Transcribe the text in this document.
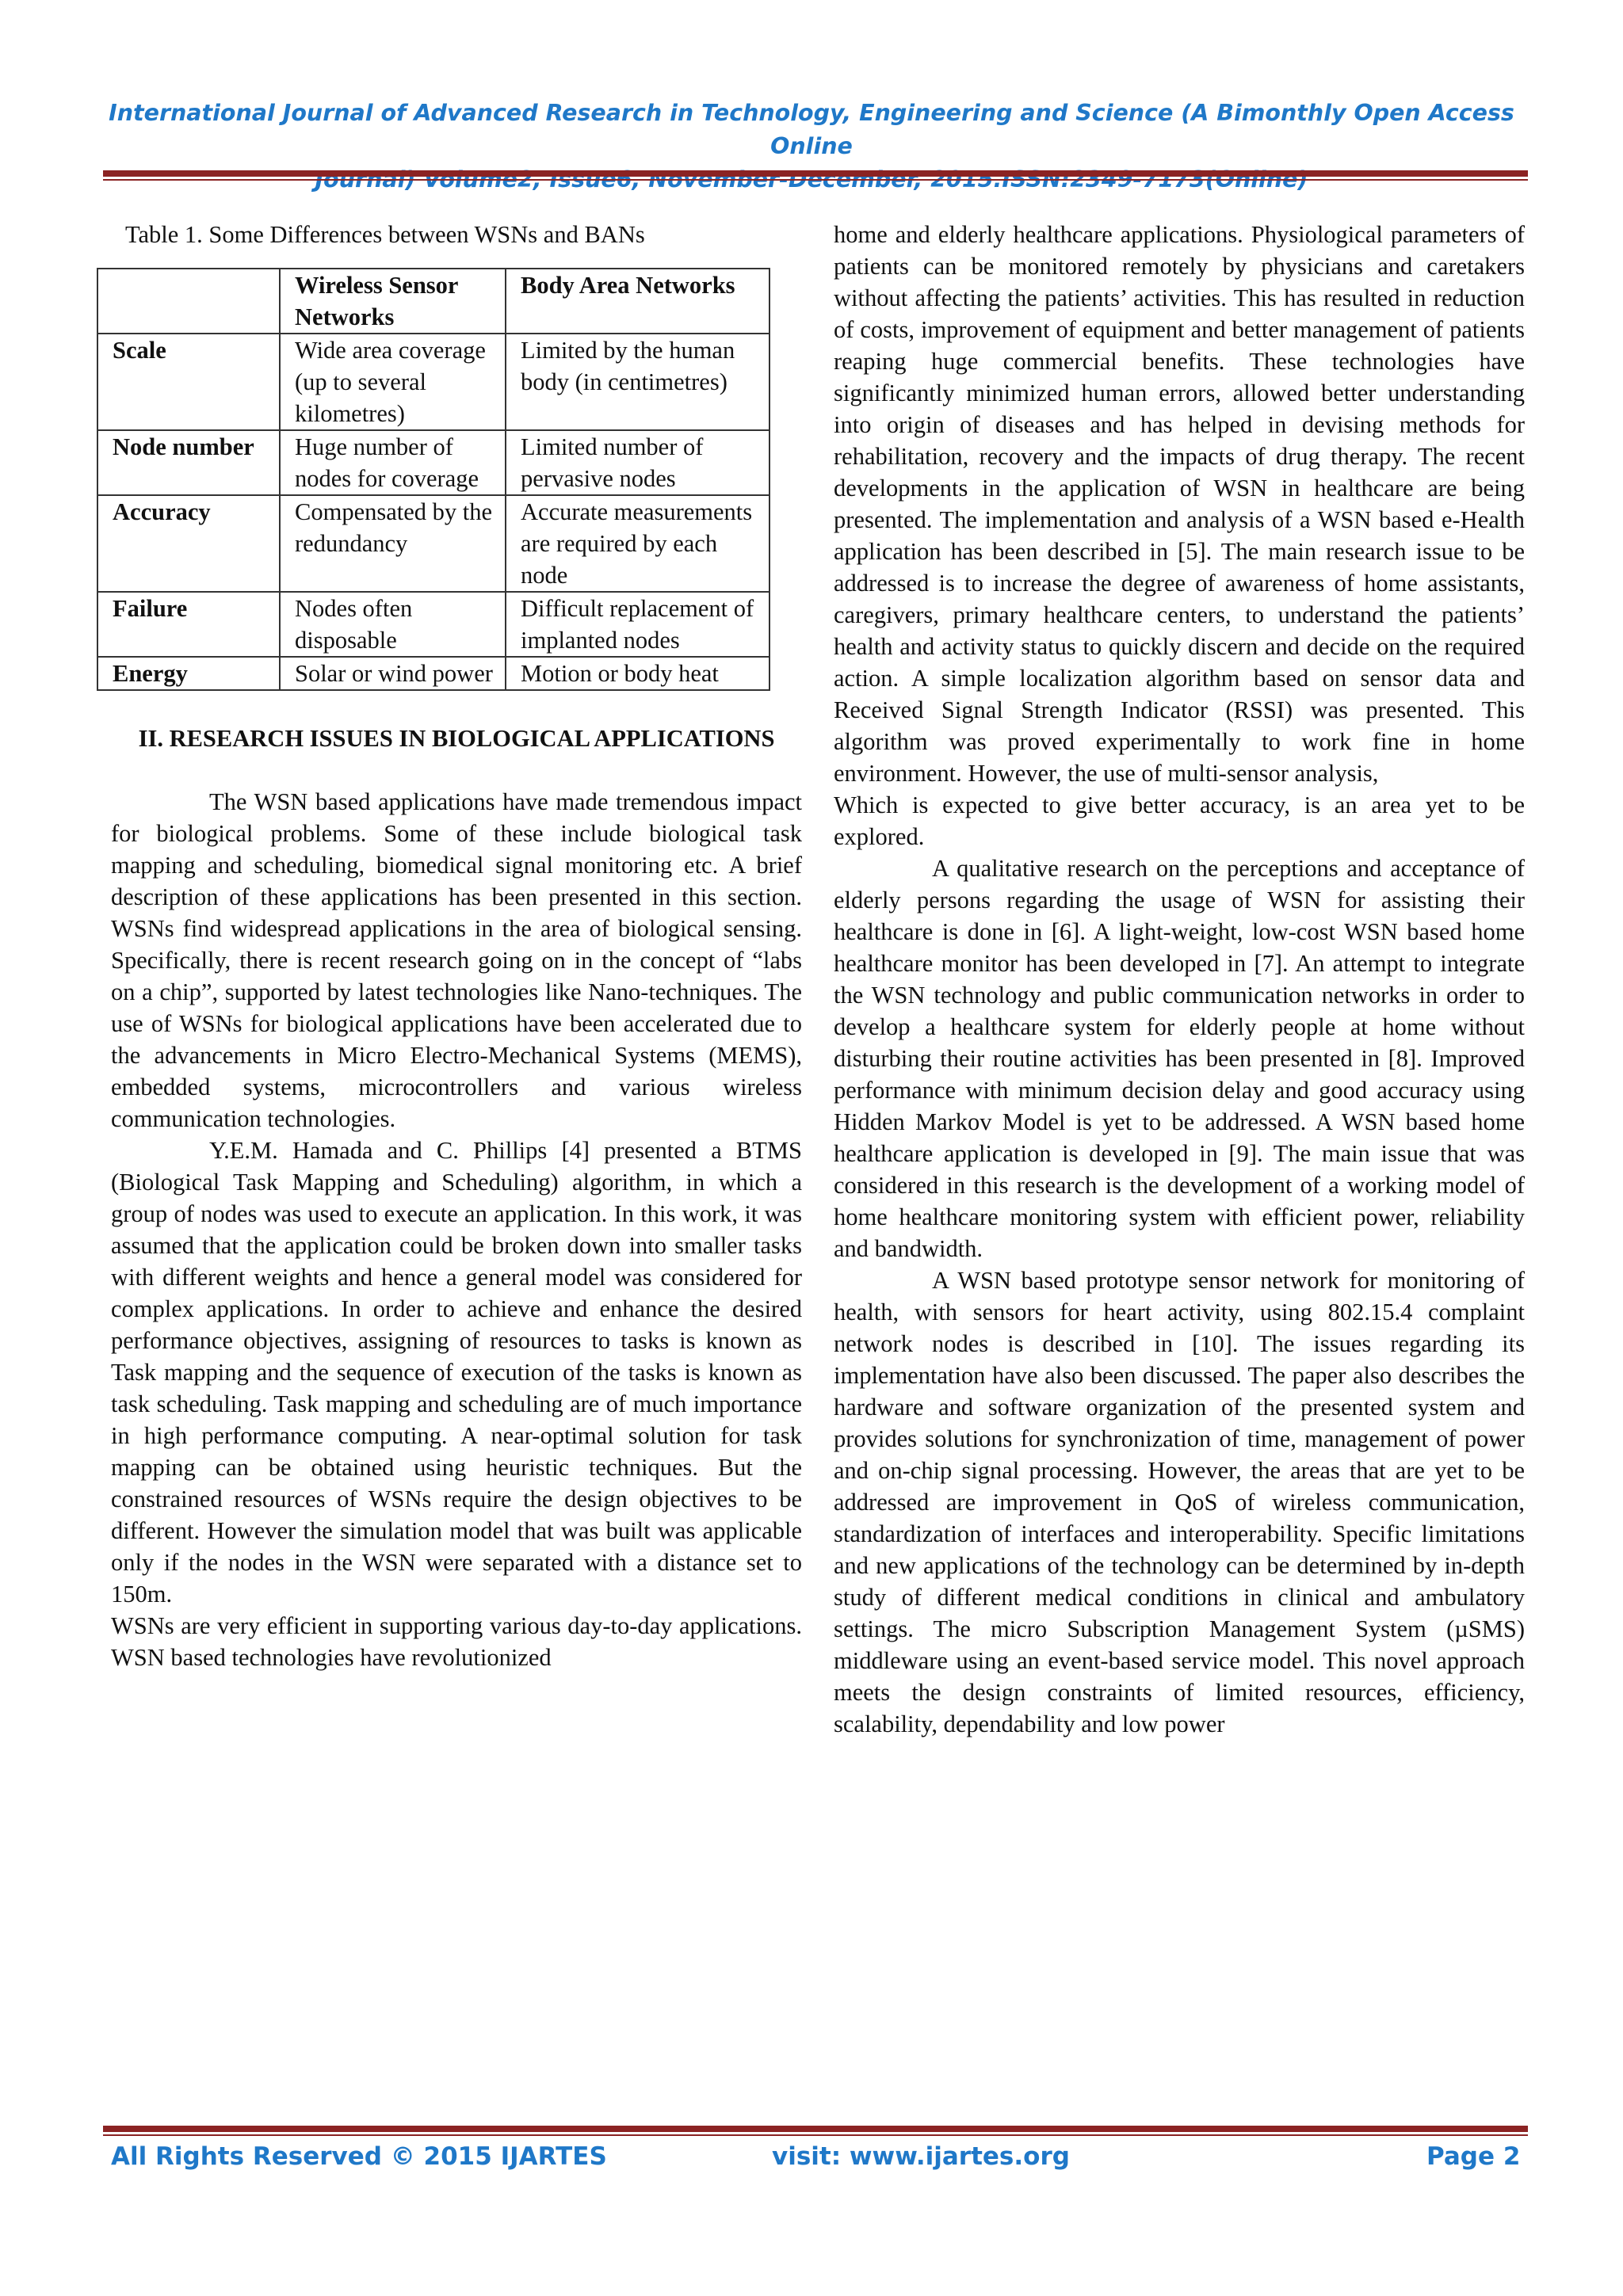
International Journal of Advanced Research in Technology, Engineering and Science (A Bimonthly Open Access Online

Table 1. Some Differences between WSNs and BANs

	Wireless Sensor Networks	Body Area Networks
Scale	Wide area coverage (up to several kilometres)	Limited by the human body (in centimetres)
Node number	Huge number of nodes for coverage	Limited number of pervasive nodes
Accuracy	Compensated by the redundancy	Accurate measurements are required by each node
Failure	Nodes often disposable	Difficult replacement of implanted nodes
Energy	Solar or wind power	Motion or body heat
II. RESEARCH ISSUES IN BIOLOGICAL APPLICATIONS

The WSN based applications have made tremendous impact for biological problems. Some of these include biological task mapping and scheduling, biomedical signal monitoring etc. A brief description of these applications has been presented in this section. WSNs find widespread applications in the area of biological sensing. Specifically, there is recent research going on in the concept of “labs on a chip”, supported by latest technologies like Nano-techniques. The use of WSNs for biological applications have been accelerated due to the advancements in Micro Electro-Mechanical Systems (MEMS), embedded systems, microcontrollers and various wireless communication technologies.

Y.E.M. Hamada and C. Phillips [4] presented a BTMS (Biological Task Mapping and Scheduling) algorithm, in which a group of nodes was used to execute an application. In this work, it was assumed that the application could be broken down into smaller tasks with different weights and hence a general model was considered for complex applications. In order to achieve and enhance the desired performance objectives, assigning of resources to tasks is known as Task mapping and the sequence of execution of the tasks is known as task scheduling. Task mapping and scheduling are of much importance in high performance computing. A near-optimal solution for task mapping can be obtained using heuristic techniques. But the constrained resources of WSNs require the design objectives to be different. However the simulation model that was built was applicable only if the nodes in the WSN were separated with a distance set to 150m.

WSNs are very efficient in supporting various day-to-day applications. WSN based technologies have revolutionized

home and elderly healthcare applications. Physiological parameters of patients can be monitored remotely by physicians and caretakers without affecting the patients’ activities. This has resulted in reduction of costs, improvement of equipment and better management of patients reaping huge commercial benefits. These technologies have significantly minimized human errors, allowed better understanding into origin of diseases and has helped in devising methods for rehabilitation, recovery and the impacts of drug therapy. The recent developments in the application of WSN in healthcare are being presented. The implementation and analysis of a WSN based e-Health application has been described in [5]. The main research issue to be addressed is to increase the degree of awareness of home assistants, caregivers, primary healthcare centers, to understand the patients’ health and activity status to quickly discern and decide on the required action. A simple localization algorithm based on sensor data and Received Signal Strength Indicator (RSSI) was presented. This algorithm was proved experimentally to work fine in home environment. However, the use of multi-sensor analysis,

Which is expected to give better accuracy, is an area yet to be explored.

A qualitative research on the perceptions and acceptance of elderly persons regarding the usage of WSN for assisting their healthcare is done in [6]. A light-weight, low-cost WSN based home healthcare monitor has been developed in [7]. An attempt to integrate the WSN technology and public communication networks in order to develop a healthcare system for elderly people at home without disturbing their routine activities has been presented in [8]. Improved performance with minimum decision delay and good accuracy using Hidden Markov Model is yet to be addressed. A WSN based home healthcare application is developed in [9]. The main issue that was considered in this research is the development of a working model of home healthcare monitoring system with efficient power, reliability and bandwidth.

A WSN based prototype sensor network for monitoring of health, with sensors for heart activity, using 802.15.4 complaint network nodes is described in [10]. The issues regarding its implementation have also been discussed. The paper also describes the hardware and software organization of the presented system and provides solutions for synchronization of time, management of power and on-chip signal processing. However, the areas that are yet to be addressed are improvement in QoS of wireless communication, standardization of interfaces and interoperability. Specific limitations and new applications of the technology can be determined by in-depth study of different medical conditions in clinical and ambulatory settings. The micro Subscription Management System (µSMS) middleware using an event-based service model. This novel approach meets the design constraints of limited resources, efficiency, scalability, dependability and low power

All Rights Reserved © 2015 IJARTES	visit: www.ijartes.org	Page 2
